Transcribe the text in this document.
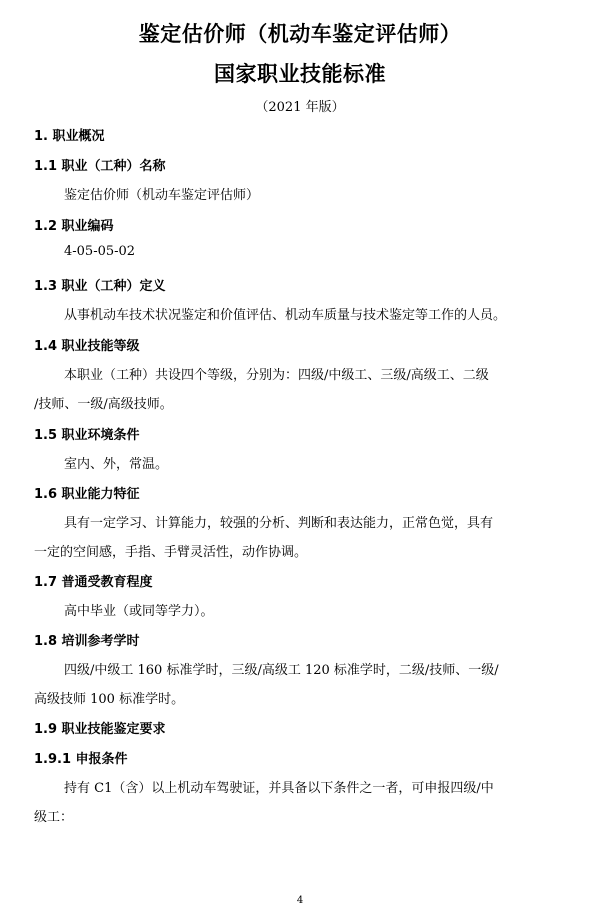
鉴定估价师（机动车鉴定评估师）
国家职业技能标准
（2021 年版）
1. 职业概况
1.1 职业（工种）名称
鉴定估价师（机动车鉴定评估师）
1.2 职业编码
4-05-05-02
1.3 职业（工种）定义
从事机动车技术状况鉴定和价值评估、机动车质量与技术鉴定等工作的人员。
1.4 职业技能等级
本职业（工种）共设四个等级，分别为：四级/中级工、三级/高级工、二级
/技师、一级/高级技师。
1.5 职业环境条件
室内、外，常温。
1.6 职业能力特征
具有一定学习、计算能力，较强的分析、判断和表达能力，正常色觉，具有
一定的空间感，手指、手臂灵活性，动作协调。
1.7 普通受教育程度
高中毕业（或同等学力）。
1.8 培训参考学时
四级/中级工 160 标准学时，三级/高级工 120 标准学时，二级/技师、一级/
高级技师 100 标准学时。
1.9 职业技能鉴定要求
1.9.1 申报条件
持有 C1（含）以上机动车驾驶证，并具备以下条件之一者，可申报四级/中
级工：
4
